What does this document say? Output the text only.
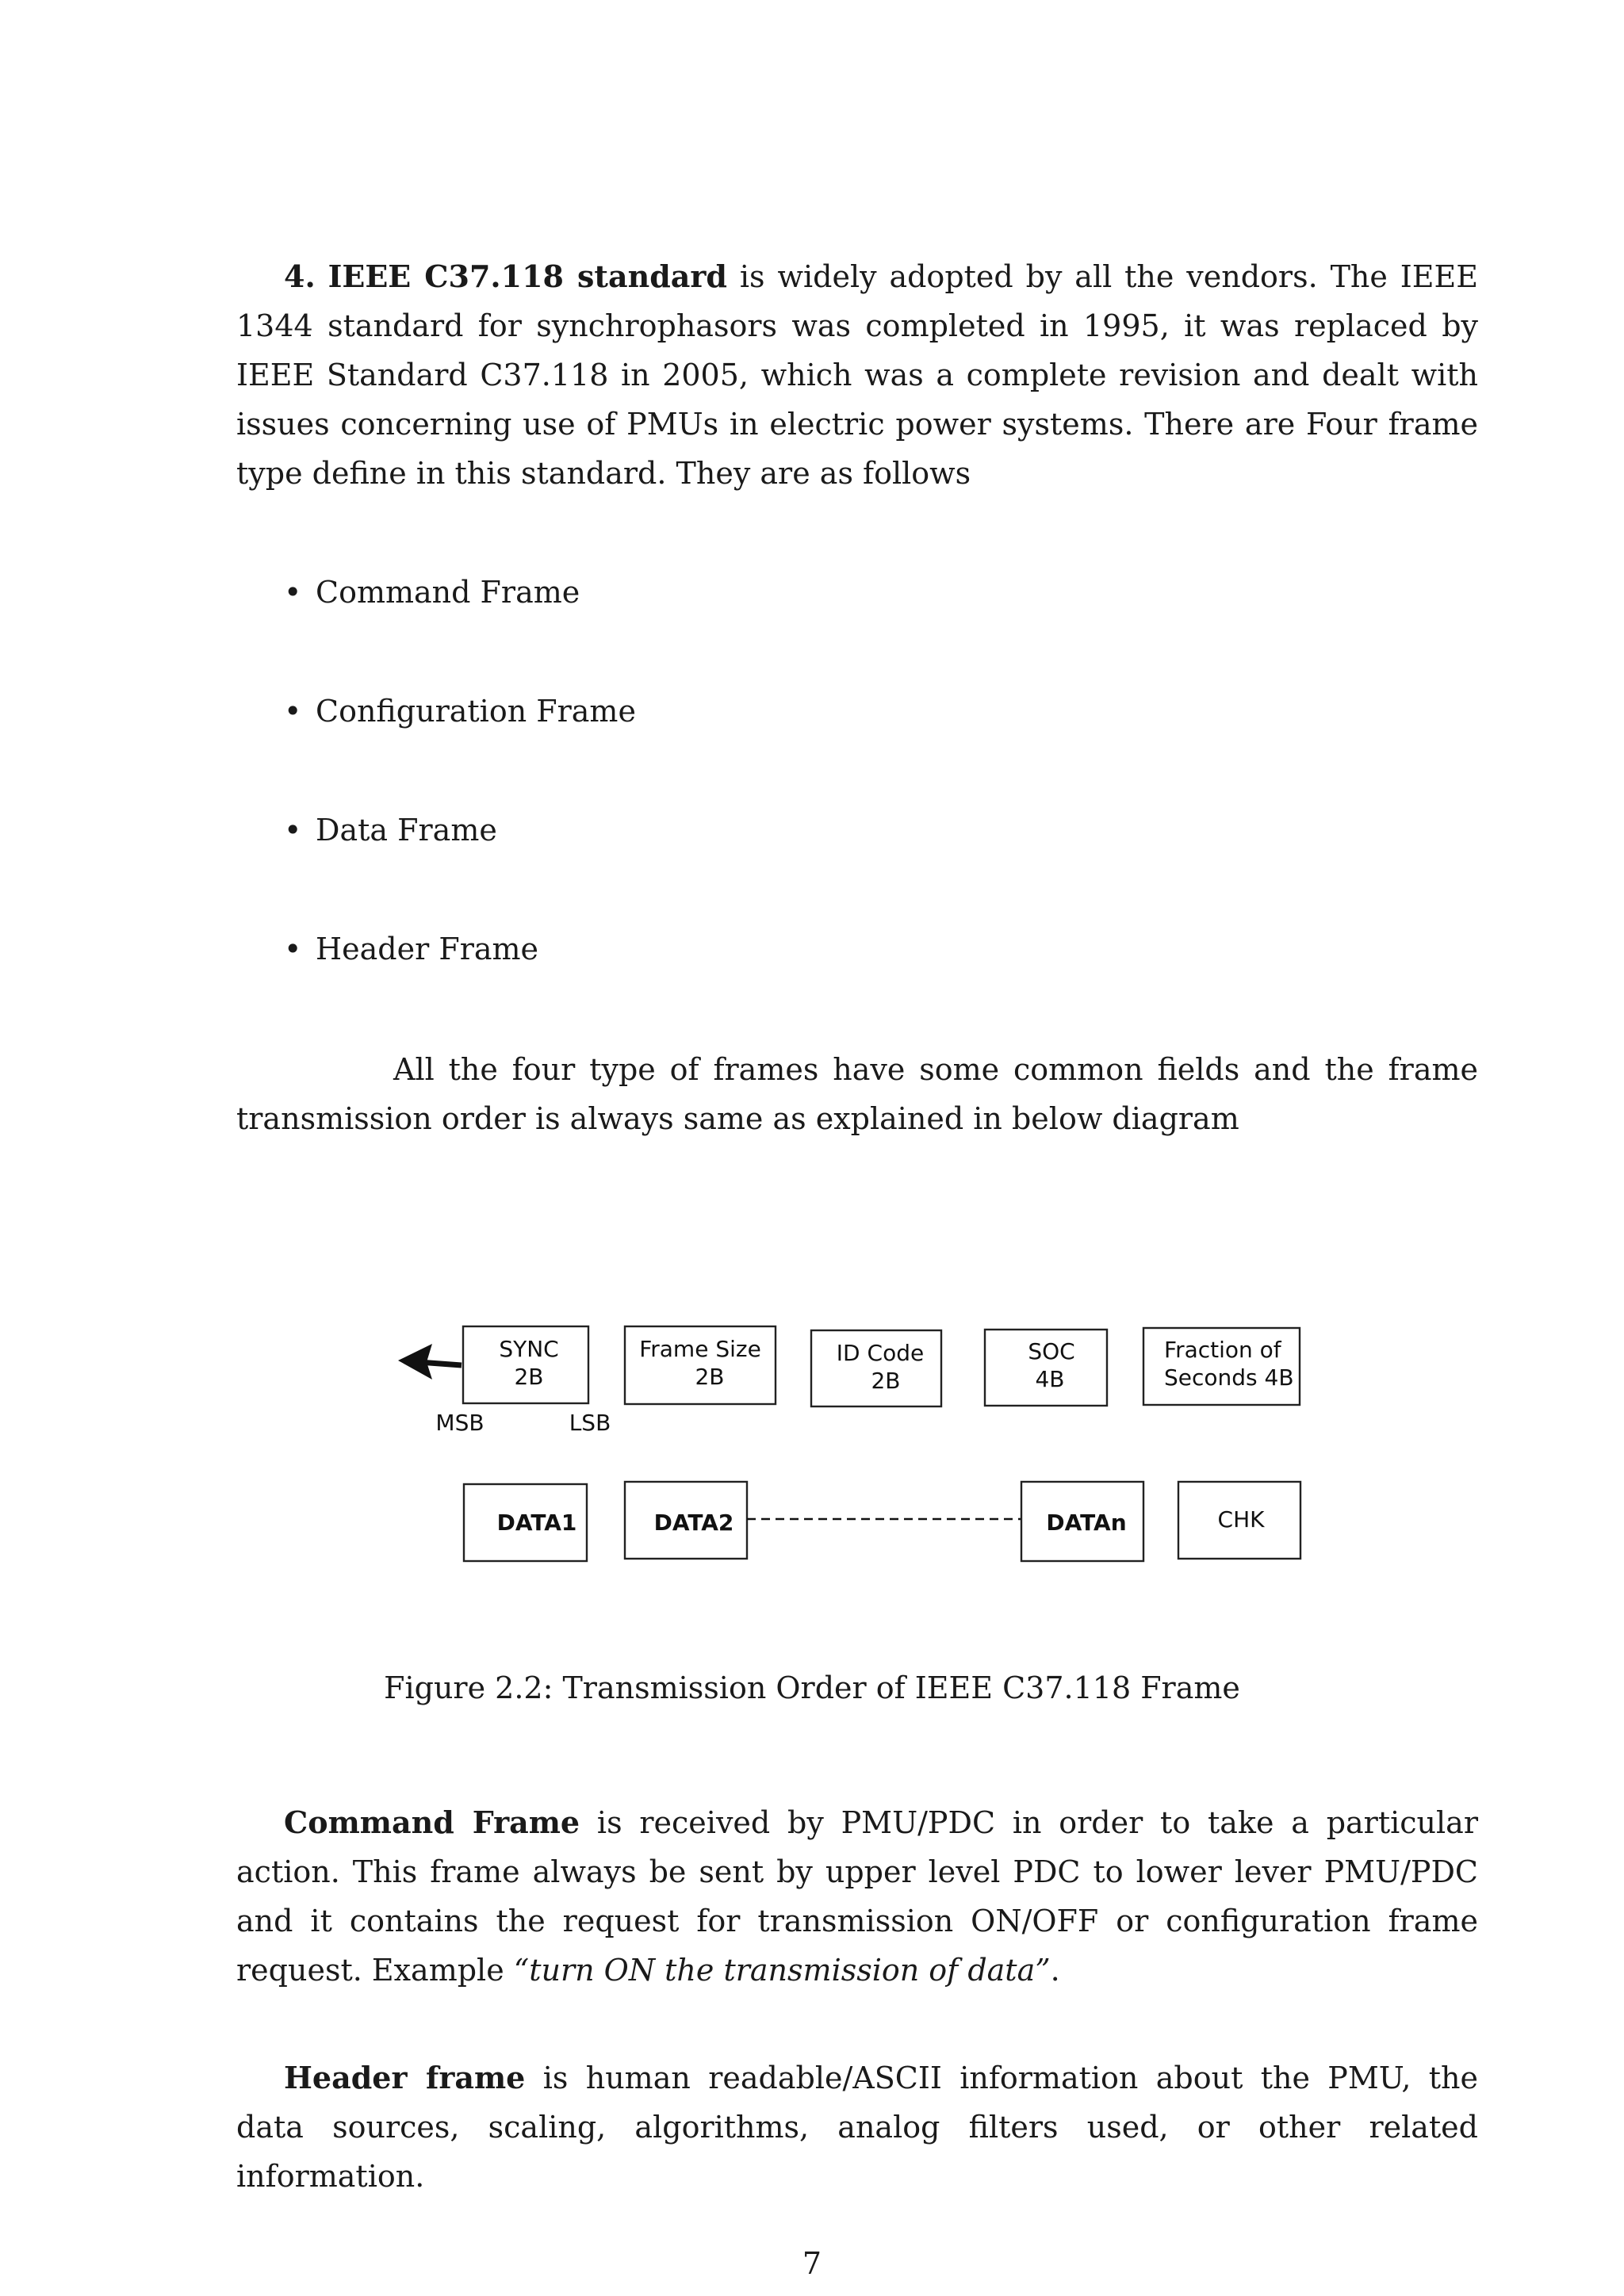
4. IEEE C37.118 standard is widely adopted by all the vendors. The IEEE 1344 standard for synchrophasors was completed in 1995, it was replaced by IEEE Standard C37.118 in 2005, which was a complete revision and dealt with issues concerning use of PMUs in electric power systems. There are Four frame type define in this standard. They are as follows

• Command Frame
• Configuration Frame
• Data Frame
• Header Frame

All the four type of frames have some common fields and the frame transmission order is always same as explained in below diagram

SYNC
2B
Frame Size
2B
ID Code
2B
SOC
4B
Fraction of
Seconds 4B
MSB	LSB
DATA1	DATA2	DATAn	CHK
Figure 2.2: Transmission Order of IEEE C37.118 Frame

Command Frame is received by PMU/PDC in order to take a particular action. This frame always be sent by upper level PDC to lower lever PMU/PDC and it contains the request for transmission ON/OFF or configuration frame request. Example “turn ON the transmission of data”.

Header frame is human readable/ASCII information about the PMU, the data sources, scaling, algorithms, analog filters used, or other related information.

7
